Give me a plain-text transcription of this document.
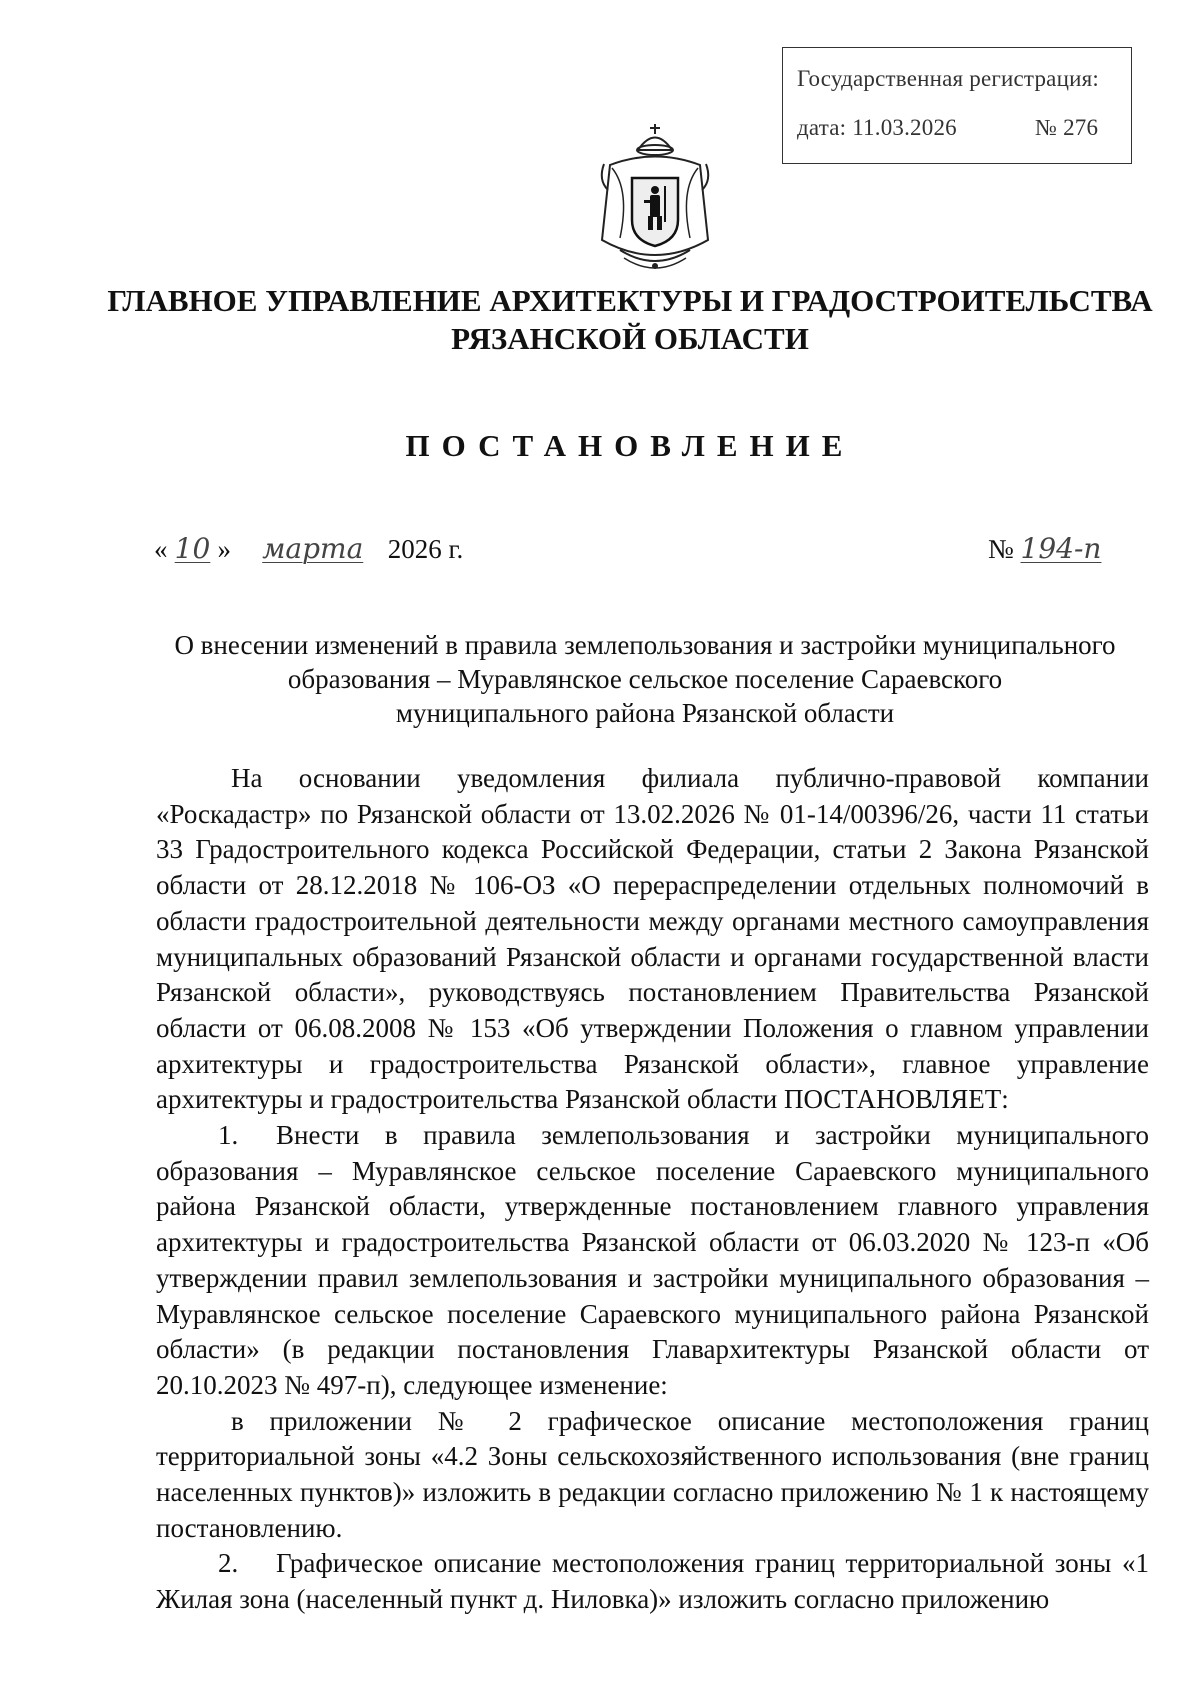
Государственная регистрация:
дата: 11.03.2026	№ 276
ГЛАВНОЕ УПРАВЛЕНИЕ АРХИТЕКТУРЫ И ГРАДОСТРОИТЕЛЬСТВА
РЯЗАНСКОЙ ОБЛАСТИ
ПОСТАНОВЛЕНИЕ
« 10 » марта 2026 г.	№ 194-п
О внесении изменений в правила землепользования и застройки муниципального
образования – Муравлянское сельское поселение Сараевского
муниципального района Рязанской области

На основании уведомления филиала публично-правовой компании «Роскадастр» по Рязанской области от 13.02.2026 № 01-14/00396/26, части 11 статьи 33 Градостроительного кодекса Российской Федерации, статьи 2 Закона Рязанской области от 28.12.2018 № 106-ОЗ «О перераспределении отдельных полномочий в области градостроительной деятельности между органами местного самоуправления муниципальных образований Рязанской области и органами государственной власти Рязанской области», руководствуясь постановлением Правительства Рязанской области от 06.08.2008 № 153 «Об утверждении Положения о главном управлении архитектуры и градостроительства Рязанской области», главное управление архитектуры и градостроительства Рязанской области ПОСТАНОВЛЯЕТ:

1. Внести в правила землепользования и застройки муниципального образования – Муравлянское сельское поселение Сараевского муниципального района Рязанской области, утвержденные постановлением главного управления архитектуры и градостроительства Рязанской области от 06.03.2020 № 123-п «Об утверждении правил землепользования и застройки муниципального образования – Муравлянское сельское поселение Сараевского муниципального района Рязанской области» (в редакции постановления Главархитектуры Рязанской области от 20.10.2023 № 497-п), следующее изменение:

в приложении № 2 графическое описание местоположения границ территориальной зоны «4.2 Зоны сельскохозяйственного использования (вне границ населенных пунктов)» изложить в редакции согласно приложению № 1 к настоящему постановлению.

2. Графическое описание местоположения границ территориальной зоны «1 Жилая зона (населенный пункт д. Ниловка)» изложить согласно приложению
